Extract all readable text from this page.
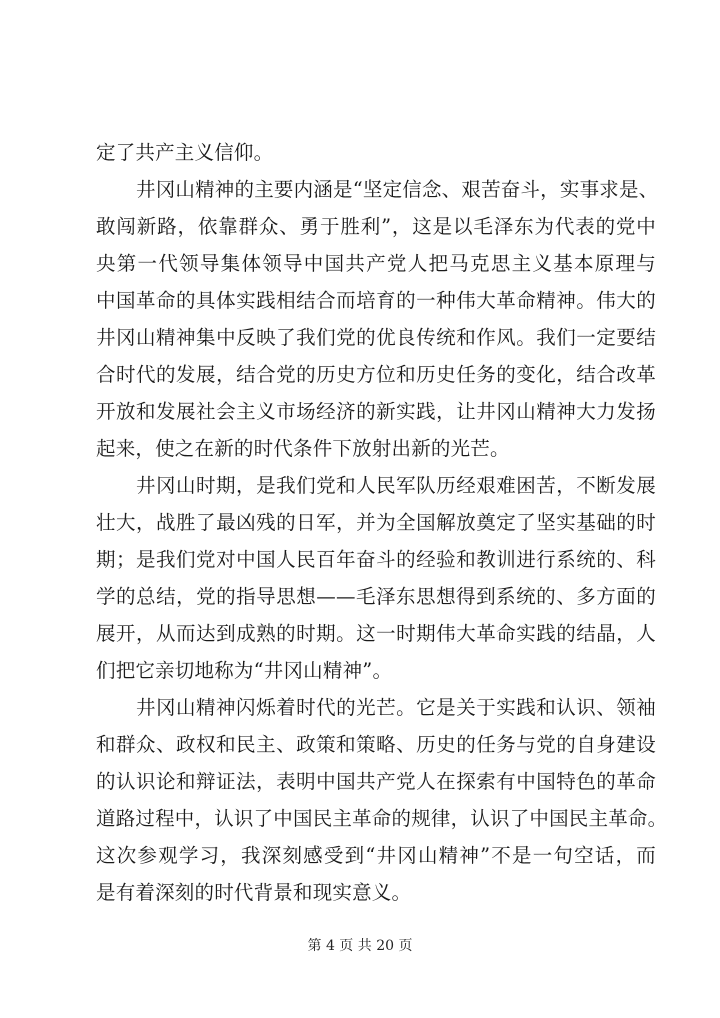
定了共产主义信仰。
井冈山精神的主要内涵是“坚定信念、艰苦奋斗，实事求是、
敢闯新路，依靠群众、勇于胜利”，这是以毛泽东为代表的党中
央第一代领导集体领导中国共产党人把马克思主义基本原理与
中国革命的具体实践相结合而培育的一种伟大革命精神。伟大的
井冈山精神集中反映了我们党的优良传统和作风。我们一定要结
合时代的发展，结合党的历史方位和历史任务的变化，结合改革
开放和发展社会主义市场经济的新实践，让井冈山精神大力发扬
起来，使之在新的时代条件下放射出新的光芒。
井冈山时期，是我们党和人民军队历经艰难困苦，不断发展
壮大，战胜了最凶残的日军，并为全国解放奠定了坚实基础的时
期；是我们党对中国人民百年奋斗的经验和教训进行系统的、科
学的总结，党的指导思想——毛泽东思想得到系统的、多方面的
展开，从而达到成熟的时期。这一时期伟大革命实践的结晶，人
们把它亲切地称为“井冈山精神”。
井冈山精神闪烁着时代的光芒。它是关于实践和认识、领袖
和群众、政权和民主、政策和策略、历史的任务与党的自身建设
的认识论和辩证法，表明中国共产党人在探索有中国特色的革命
道路过程中，认识了中国民主革命的规律，认识了中国民主革命。
这次参观学习，我深刻感受到“井冈山精神”不是一句空话，而
是有着深刻的时代背景和现实意义。
第 4 页 共 20 页
